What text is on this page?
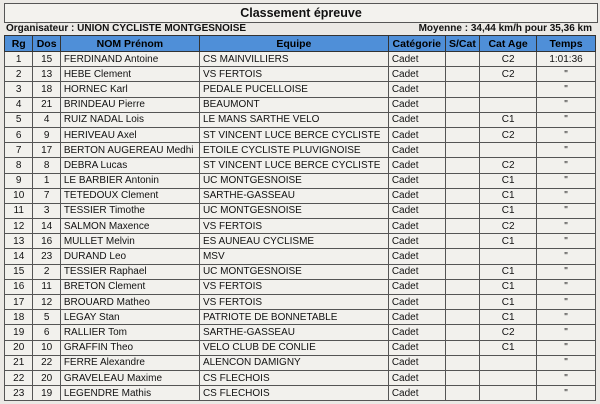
Classement épreuve
Organisateur : UNION CYCLISTE MONTGESNOISE	Moyenne : 34,44 km/h pour 35,36 km
Rg	Dos	NOM Prénom	Equipe	Catégorie	S/Cat	Cat Age	Temps
1	15	FERDINAND Antoine	CS MAINVILLIERS	Cadet		C2	1:01:36
2	13	HEBE Clement	VS FERTOIS	Cadet		C2	"
3	18	HORNEC Karl	PEDALE PUCELLOISE	Cadet			"
4	21	BRINDEAU Pierre	BEAUMONT	Cadet			"
5	4	RUIZ NADAL Lois	LE MANS SARTHE VELO	Cadet		C1	"
6	9	HERIVEAU Axel	ST VINCENT LUCE BERCE CYCLISTE	Cadet		C2	"
7	17	BERTON AUGEREAU Medhi	ETOILE CYCLISTE PLUVIGNOISE	Cadet			"
8	8	DEBRA Lucas	ST VINCENT LUCE BERCE CYCLISTE	Cadet		C2	"
9	1	LE BARBIER Antonin	UC MONTGESNOISE	Cadet		C1	"
10	7	TETEDOUX Clement	SARTHE-GASSEAU	Cadet		C1	"
11	3	TESSIER Timothe	UC MONTGESNOISE	Cadet		C1	"
12	14	SALMON Maxence	VS FERTOIS	Cadet		C2	"
13	16	MULLET Melvin	ES AUNEAU CYCLISME	Cadet		C1	"
14	23	DURAND Leo	MSV	Cadet			"
15	2	TESSIER Raphael	UC MONTGESNOISE	Cadet		C1	"
16	11	BRETON Clement	VS FERTOIS	Cadet		C1	"
17	12	BROUARD Matheo	VS FERTOIS	Cadet		C1	"
18	5	LEGAY Stan	PATRIOTE DE BONNETABLE	Cadet		C1	"
19	6	RALLIER Tom	SARTHE-GASSEAU	Cadet		C2	"
20	10	GRAFFIN Theo	VELO CLUB DE CONLIE	Cadet		C1	"
21	22	FERRE Alexandre	ALENCON DAMIGNY	Cadet			"
22	20	GRAVELEAU Maxime	CS FLECHOIS	Cadet			"
23	19	LEGENDRE Mathis	CS FLECHOIS	Cadet			"
